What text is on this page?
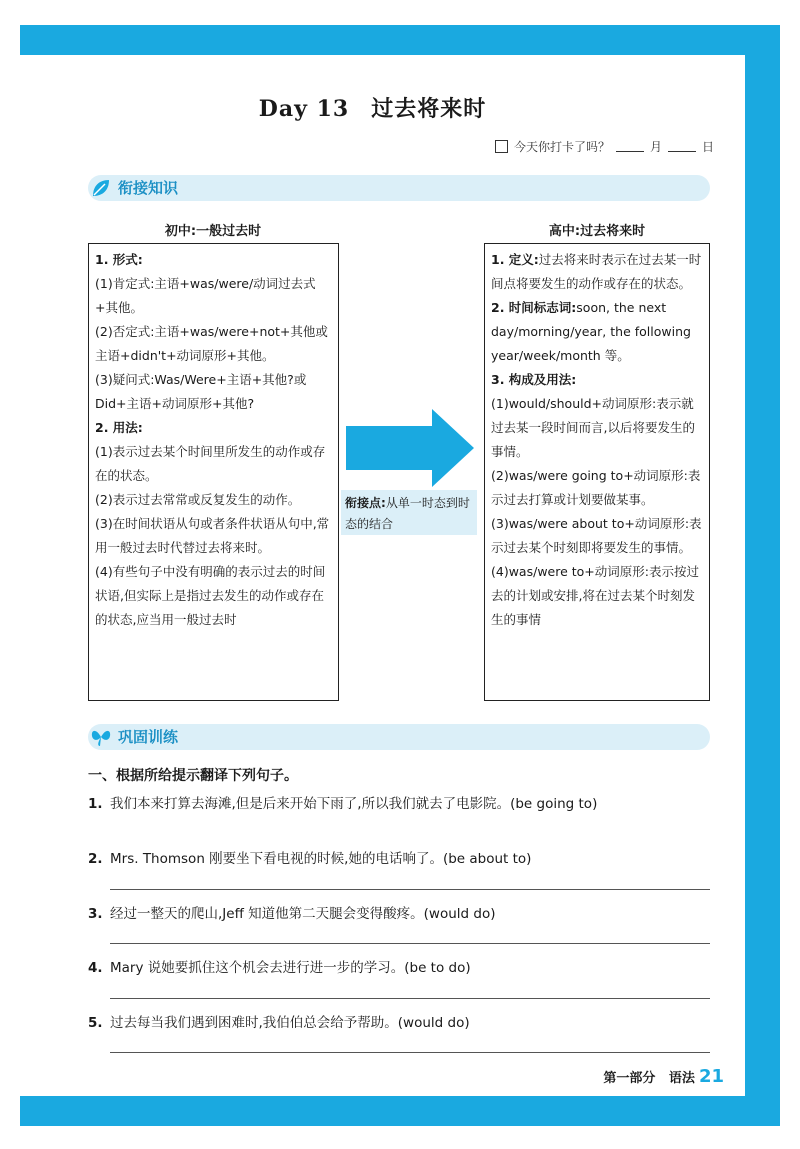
Day 13 过去将来时
今天你打卡了吗？	月	日
衔接知识
初中:一般过去时	高中:过去将来时

1. 形式:

(1)肯定式:主语+was/were/动词过去式+其他。

(2)否定式:主语+was/were+not+其他或主语+didn't+动词原形+其他。

(3)疑问式:Was/Were+主语+其他?或Did+主语+动词原形+其他?

2. 用法:

(1)表示过去某个时间里所发生的动作或存在的状态。

(2)表示过去常常或反复发生的动作。

(3)在时间状语从句或者条件状语从句中,常用一般过去时代替过去将来时。

(4)有些句子中没有明确的表示过去的时间状语,但实际上是指过去发生的动作或存在的状态,应当用一般过去时

衔接点:从单一时态到时态的结合

1. 定义:过去将来时表示在过去某一时间点将要发生的动作或存在的状态。

2. 时间标志词:soon, the next day/morning/year, the following year/week/month 等。

3. 构成及用法:

(1)would/should+动词原形:表示就过去某一段时间而言,以后将要发生的事情。

(2)was/were going to+动词原形:表示过去打算或计划要做某事。

(3)was/were about to+动词原形:表示过去某个时刻即将要发生的事情。

(4)was/were to+动词原形:表示按过去的计划或安排,将在过去某个时刻发生的事情

巩固训练
一、根据所给提示翻译下列句子。
1. 我们本来打算去海滩,但是后来开始下雨了,所以我们就去了电影院。(be going to)
2. Mrs. Thomson 刚要坐下看电视的时候,她的电话响了。(be about to)
3. 经过一整天的爬山,Jeff 知道他第二天腿会变得酸疼。(would do)
4. Mary 说她要抓住这个机会去进行进一步的学习。(be to do)
5. 过去每当我们遇到困难时,我伯伯总会给予帮助。(would do)
第一部分 语法 21
